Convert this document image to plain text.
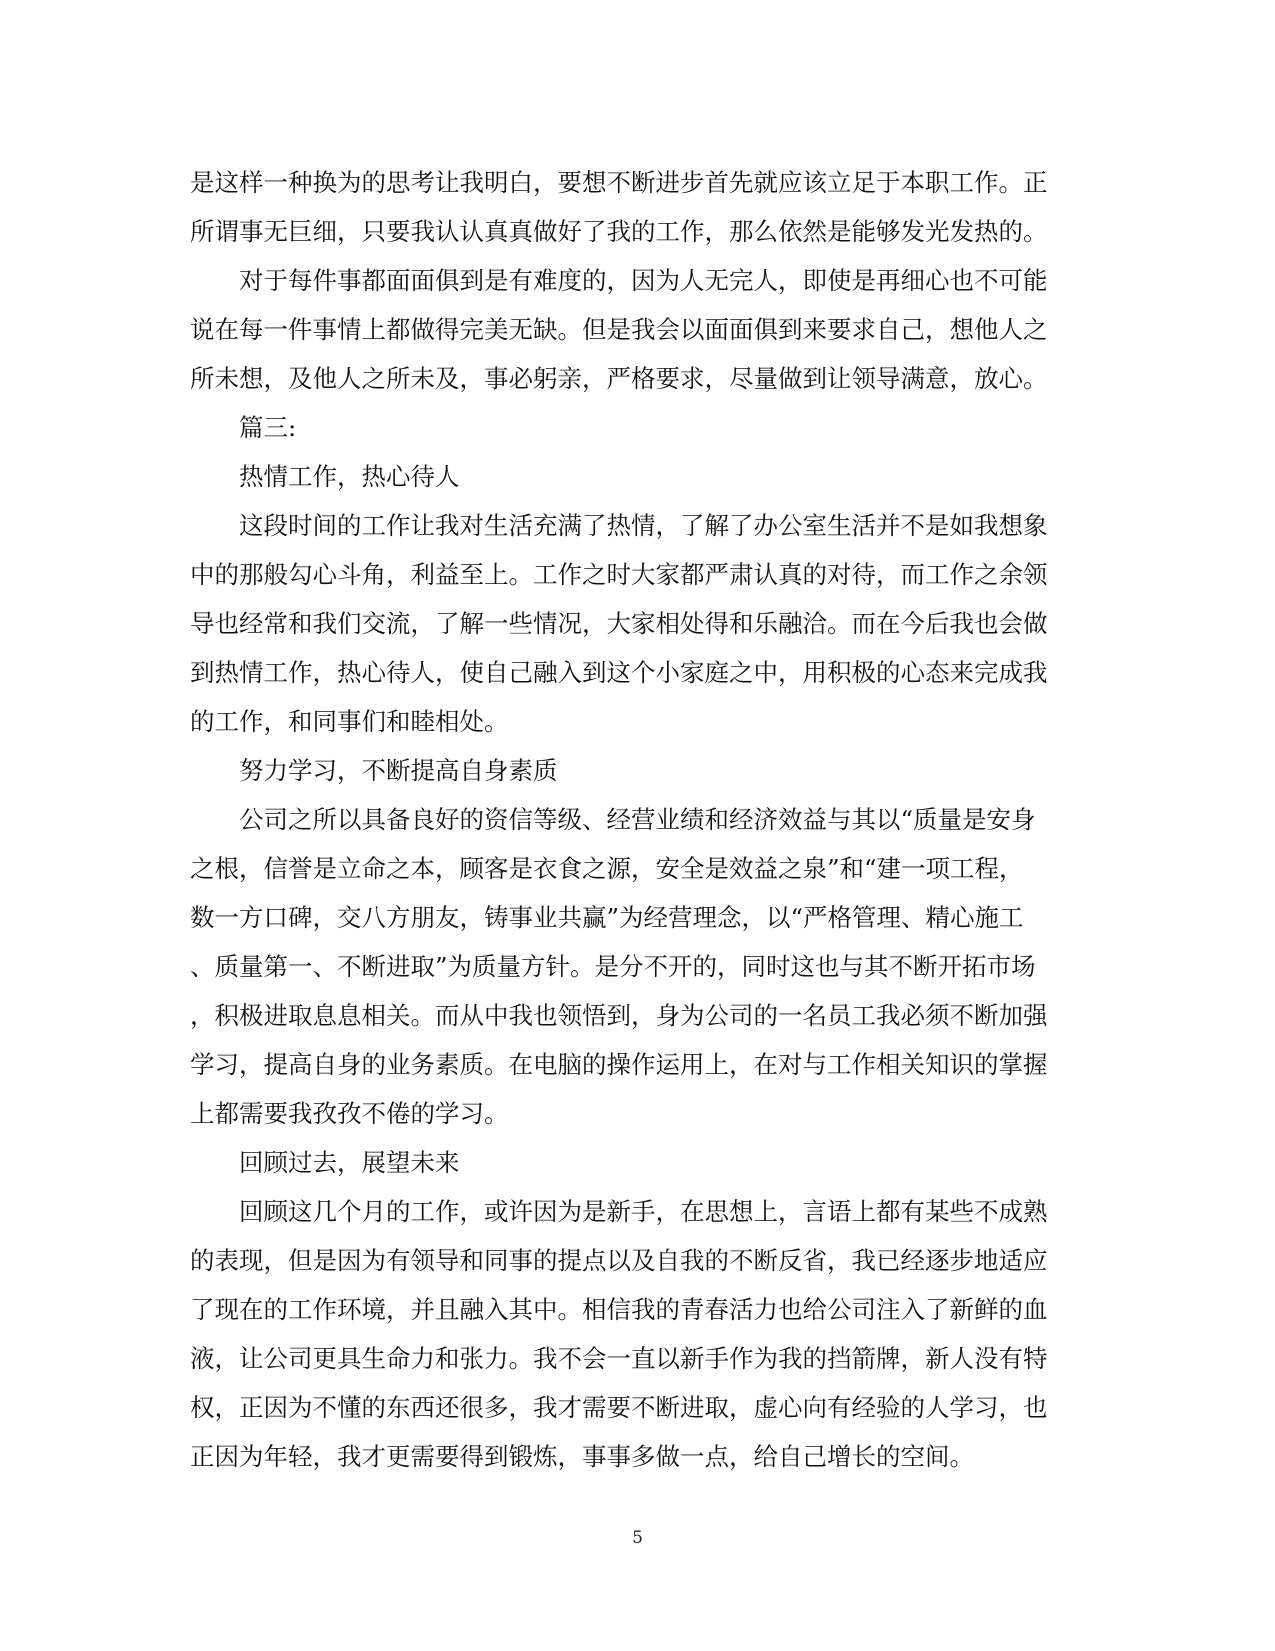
是这样一种换为的思考让我明白，要想不断进步首先就应该立足于本职工作。正
所谓事无巨细，只要我认认真真做好了我的工作，那么依然是能够发光发热的。
对于每件事都面面俱到是有难度的，因为人无完人，即使是再细心也不可能
说在每一件事情上都做得完美无缺。但是我会以面面俱到来要求自己，想他人之
所未想，及他人之所未及，事必躬亲，严格要求，尽量做到让领导满意，放心。
篇三:
热情工作，热心待人
这段时间的工作让我对生活充满了热情，了解了办公室生活并不是如我想象
中的那般勾心斗角，利益至上。工作之时大家都严肃认真的对待，而工作之余领
导也经常和我们交流，了解一些情况，大家相处得和乐融洽。而在今后我也会做
到热情工作，热心待人，使自己融入到这个小家庭之中，用积极的心态来完成我
的工作，和同事们和睦相处。
努力学习，不断提高自身素质
公司之所以具备良好的资信等级、经营业绩和经济效益与其以“质量是安身
之根，信誉是立命之本，顾客是衣食之源，安全是效益之泉”和“建一项工程，
数一方口碑，交八方朋友，铸事业共赢”为经营理念，以“严格管理、精心施工
、质量第一、不断进取”为质量方针。是分不开的，同时这也与其不断开拓市场
，积极进取息息相关。而从中我也领悟到，身为公司的一名员工我必须不断加强
学习，提高自身的业务素质。在电脑的操作运用上，在对与工作相关知识的掌握
上都需要我孜孜不倦的学习。
回顾过去，展望未来
回顾这几个月的工作，或许因为是新手，在思想上，言语上都有某些不成熟
的表现，但是因为有领导和同事的提点以及自我的不断反省，我已经逐步地适应
了现在的工作环境，并且融入其中。相信我的青春活力也给公司注入了新鲜的血
液，让公司更具生命力和张力。我不会一直以新手作为我的挡箭牌，新人没有特
权，正因为不懂的东西还很多，我才需要不断进取，虚心向有经验的人学习，也
正因为年轻，我才更需要得到锻炼，事事多做一点，给自己增长的空间。
5
